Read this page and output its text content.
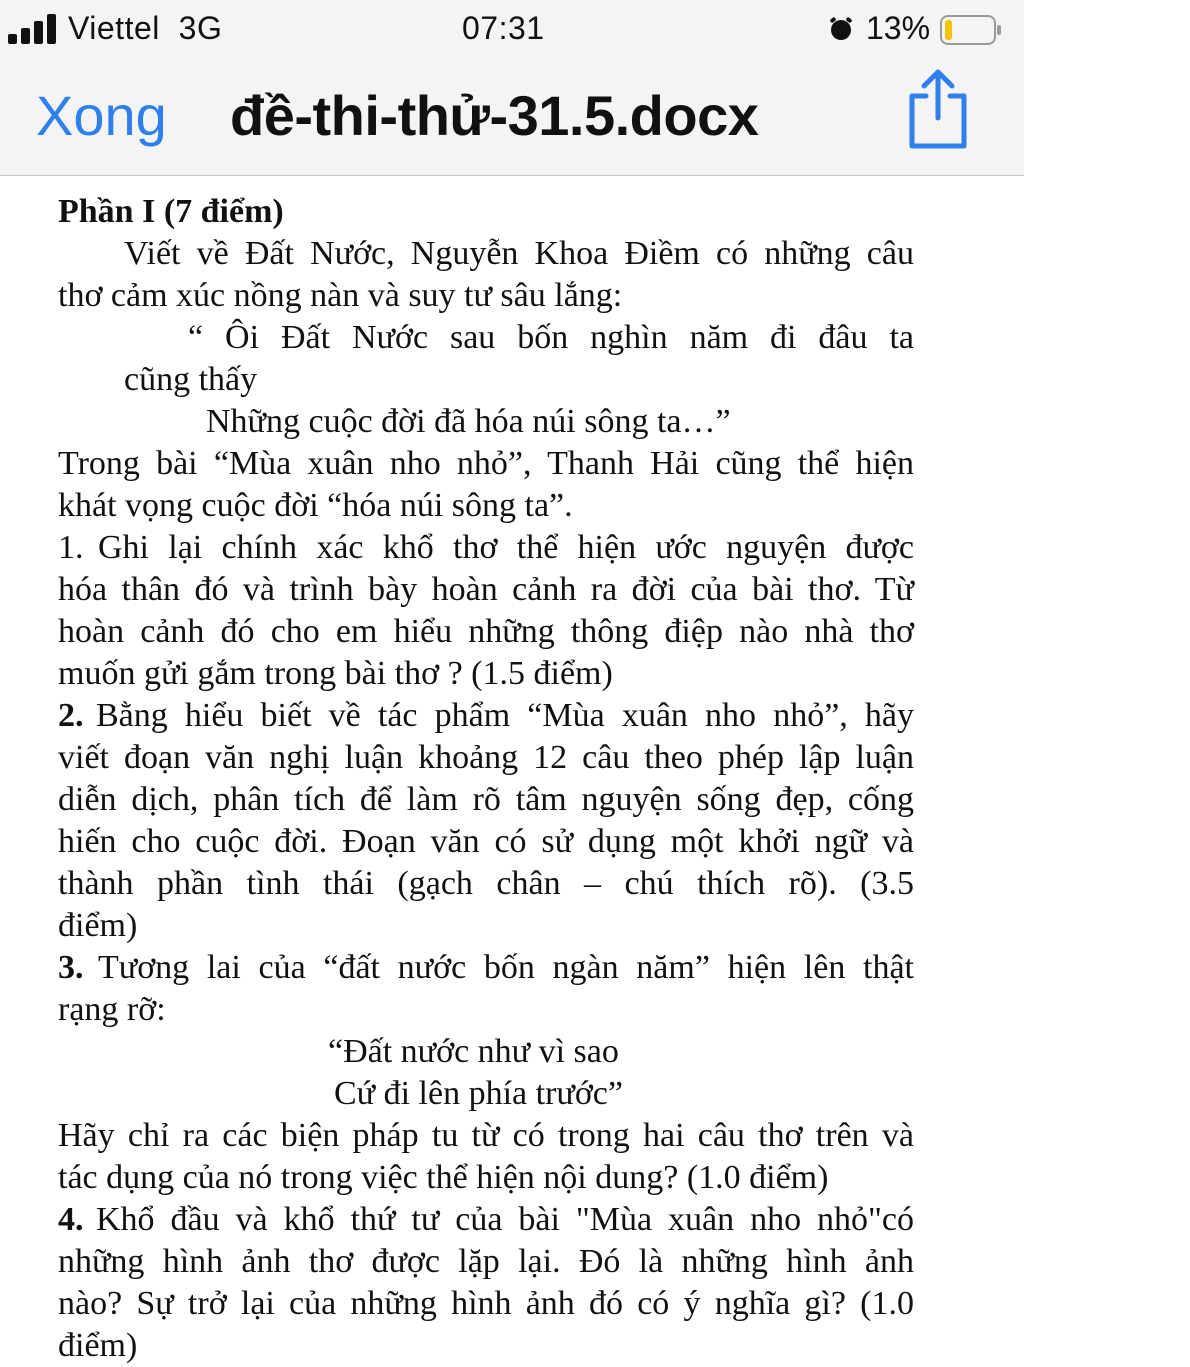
Viettel 3G	07:31	13%
Xong đề-thi-thử-31.5.docx
Phần I (7 điểm)
Viết về Đất Nước, Nguyễn Khoa Điềm có những câu
thơ cảm xúc nồng nàn và suy tư sâu lắng:
“ Ôi Đất Nước sau bốn nghìn năm đi đâu ta
cũng thấy
Những cuộc đời đã hóa núi sông ta…”
Trong bài “Mùa xuân nho nhỏ”, Thanh Hải cũng thể hiện
khát vọng cuộc đời “hóa núi sông ta”.
1. Ghi lại chính xác khổ thơ thể hiện ước nguyện được
hóa thân đó và trình bày hoàn cảnh ra đời của bài thơ. Từ
hoàn cảnh đó cho em hiểu những thông điệp nào nhà thơ
muốn gửi gắm trong bài thơ ? (1.5 điểm)
2. Bằng hiểu biết về tác phẩm “Mùa xuân nho nhỏ”, hãy
viết đoạn văn nghị luận khoảng 12 câu theo phép lập luận
diễn dịch, phân tích để làm rõ tâm nguyện sống đẹp, cống
hiến cho cuộc đời. Đoạn văn có sử dụng một khởi ngữ và
thành phần tình thái (gạch chân – chú thích rõ). (3.5
điểm)
3. Tương lai của “đất nước bốn ngàn năm” hiện lên thật
rạng rỡ:
“Đất nước như vì sao
Cứ đi lên phía trước”
Hãy chỉ ra các biện pháp tu từ có trong hai câu thơ trên và
tác dụng của nó trong việc thể hiện nội dung? (1.0 điểm)
4. Khổ đầu và khổ thứ tư của bài "Mùa xuân nho nhỏ"có
những hình ảnh thơ được lặp lại. Đó là những hình ảnh
nào? Sự trở lại của những hình ảnh đó có ý nghĩa gì? (1.0
điểm)
